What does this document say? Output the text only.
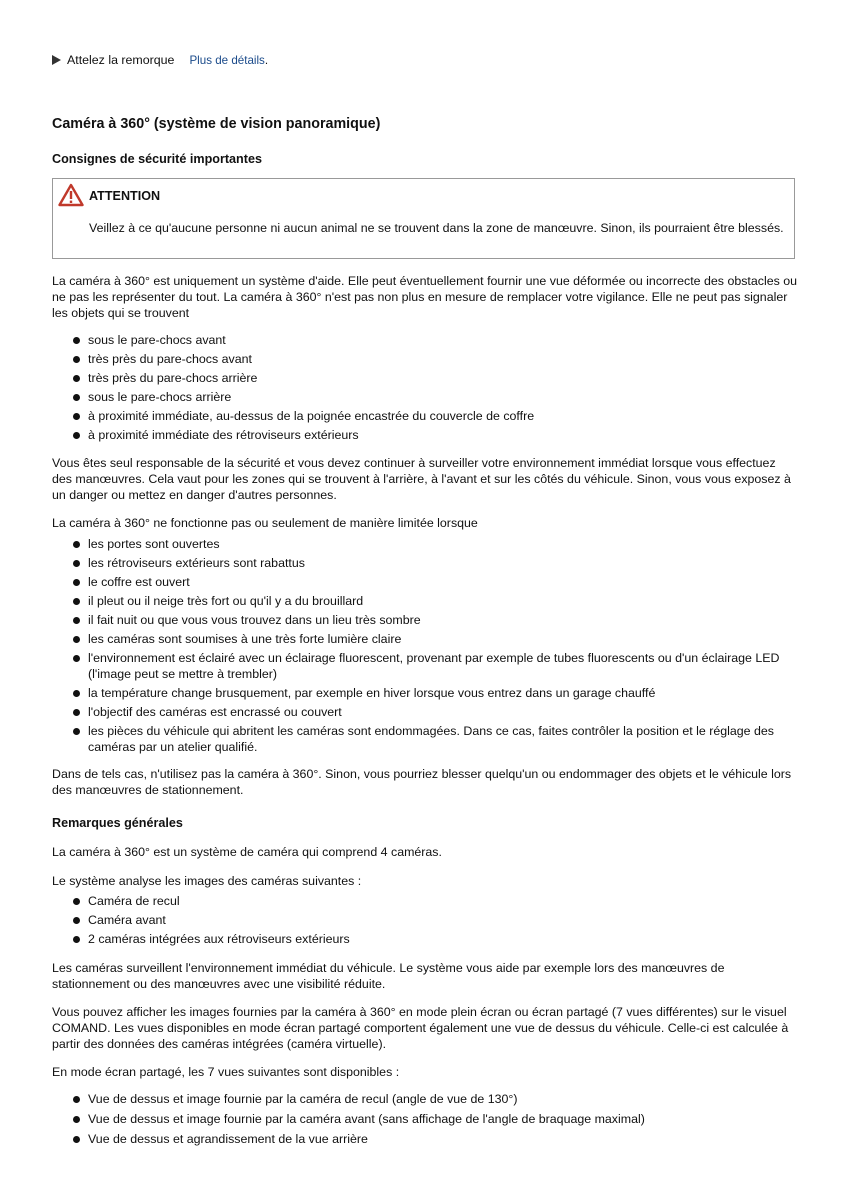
Attelez la remorque Plus de détails .
Caméra à 360° (système de vision panoramique)
Consignes de sécurité importantes
ATTENTION
Veillez à ce qu'aucune personne ni aucun animal ne se trouvent dans la zone de manœuvre. Sinon, ils pourraient être blessés.

La caméra à 360° est uniquement un système d'aide. Elle peut éventuellement fournir une vue déformée ou incorrecte des obstacles ou ne pas les représenter du tout. La caméra à 360° n'est pas non plus en mesure de remplacer votre vigilance. Elle ne peut pas signaler les objets qui se trouvent

sous le pare-chocs avant
très près du pare-chocs avant
très près du pare-chocs arrière
sous le pare-chocs arrière
à proximité immédiate, au-dessus de la poignée encastrée du couvercle de coffre
à proximité immédiate des rétroviseurs extérieurs

Vous êtes seul responsable de la sécurité et vous devez continuer à surveiller votre environnement immédiat lorsque vous effectuez des manœuvres. Cela vaut pour les zones qui se trouvent à l'arrière, à l'avant et sur les côtés du véhicule. Sinon, vous vous exposez à un danger ou mettez en danger d'autres personnes.

La caméra à 360° ne fonctionne pas ou seulement de manière limitée lorsque

les portes sont ouvertes
les rétroviseurs extérieurs sont rabattus
le coffre est ouvert
il pleut ou il neige très fort ou qu'il y a du brouillard
il fait nuit ou que vous vous trouvez dans un lieu très sombre
les caméras sont soumises à une très forte lumière claire
l'environnement est éclairé avec un éclairage fluorescent, provenant par exemple de tubes fluorescents ou d'un éclairage LED (l'image peut se mettre à trembler)
la température change brusquement, par exemple en hiver lorsque vous entrez dans un garage chauffé
l'objectif des caméras est encrassé ou couvert
les pièces du véhicule qui abritent les caméras sont endommagées. Dans ce cas, faites contrôler la position et le réglage des caméras par un atelier qualifié.

Dans de tels cas, n'utilisez pas la caméra à 360°. Sinon, vous pourriez blesser quelqu'un ou endommager des objets et le véhicule lors des manœuvres de stationnement.

Remarques générales

La caméra à 360° est un système de caméra qui comprend 4 caméras.

Le système analyse les images des caméras suivantes :

Caméra de recul
Caméra avant
2 caméras intégrées aux rétroviseurs extérieurs

Les caméras surveillent l'environnement immédiat du véhicule. Le système vous aide par exemple lors des manœuvres de stationnement ou des manœuvres avec une visibilité réduite.

Vous pouvez afficher les images fournies par la caméra à 360° en mode plein écran ou écran partagé (7 vues différentes) sur le visuel COMAND. Les vues disponibles en mode écran partagé comportent également une vue de dessus du véhicule. Celle-ci est calculée à partir des données des caméras intégrées (caméra virtuelle).

En mode écran partagé, les 7 vues suivantes sont disponibles :

Vue de dessus et image fournie par la caméra de recul (angle de vue de 130°)
Vue de dessus et image fournie par la caméra avant (sans affichage de l'angle de braquage maximal)
Vue de dessus et agrandissement de la vue arrière
